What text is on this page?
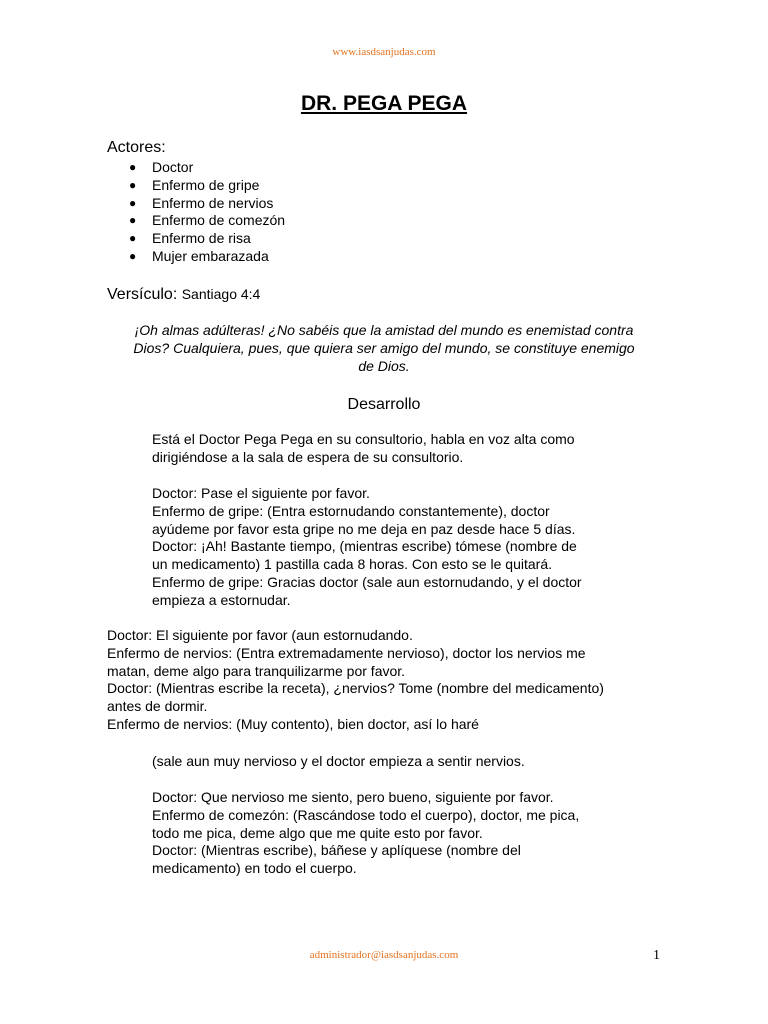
www.iasdsanjudas.com
DR. PEGA PEGA
Actores:
● Doctor
● Enfermo de gripe
● Enfermo de nervios
● Enfermo de comezón
● Enfermo de risa
● Mujer embarazada
Versículo: Santiago 4:4
¡Oh almas adúlteras! ¿No sabéis que la amistad del mundo es enemistad contra
Dios? Cualquiera, pues, que quiera ser amigo del mundo, se constituye enemigo
de Dios.
Desarrollo
Está el Doctor Pega Pega en su consultorio, habla en voz alta como
dirigiéndose a la sala de espera de su consultorio.
Doctor: Pase el siguiente por favor.
Enfermo de gripe: (Entra estornudando constantemente), doctor
ayúdeme por favor esta gripe no me deja en paz desde hace 5 días.
Doctor: ¡Ah! Bastante tiempo, (mientras escribe) tómese (nombre de
un medicamento) 1 pastilla cada 8 horas. Con esto se le quitará.
Enfermo de gripe: Gracias doctor (sale aun estornudando, y el doctor
empieza a estornudar.
Doctor: El siguiente por favor (aun estornudando.
Enfermo de nervios: (Entra extremadamente nervioso), doctor los nervios me
matan, deme algo para tranquilizarme por favor.
Doctor: (Mientras escribe la receta), ¿nervios? Tome (nombre del medicamento)
antes de dormir.
Enfermo de nervios: (Muy contento), bien doctor, así lo haré
(sale aun muy nervioso y el doctor empieza a sentir nervios.
Doctor: Que nervioso me siento, pero bueno, siguiente por favor.
Enfermo de comezón: (Rascándose todo el cuerpo), doctor, me pica,
todo me pica, deme algo que me quite esto por favor.
Doctor: (Mientras escribe), báñese y aplíquese (nombre del
medicamento) en todo el cuerpo.
administrador@iasdsanjudas.com	1
